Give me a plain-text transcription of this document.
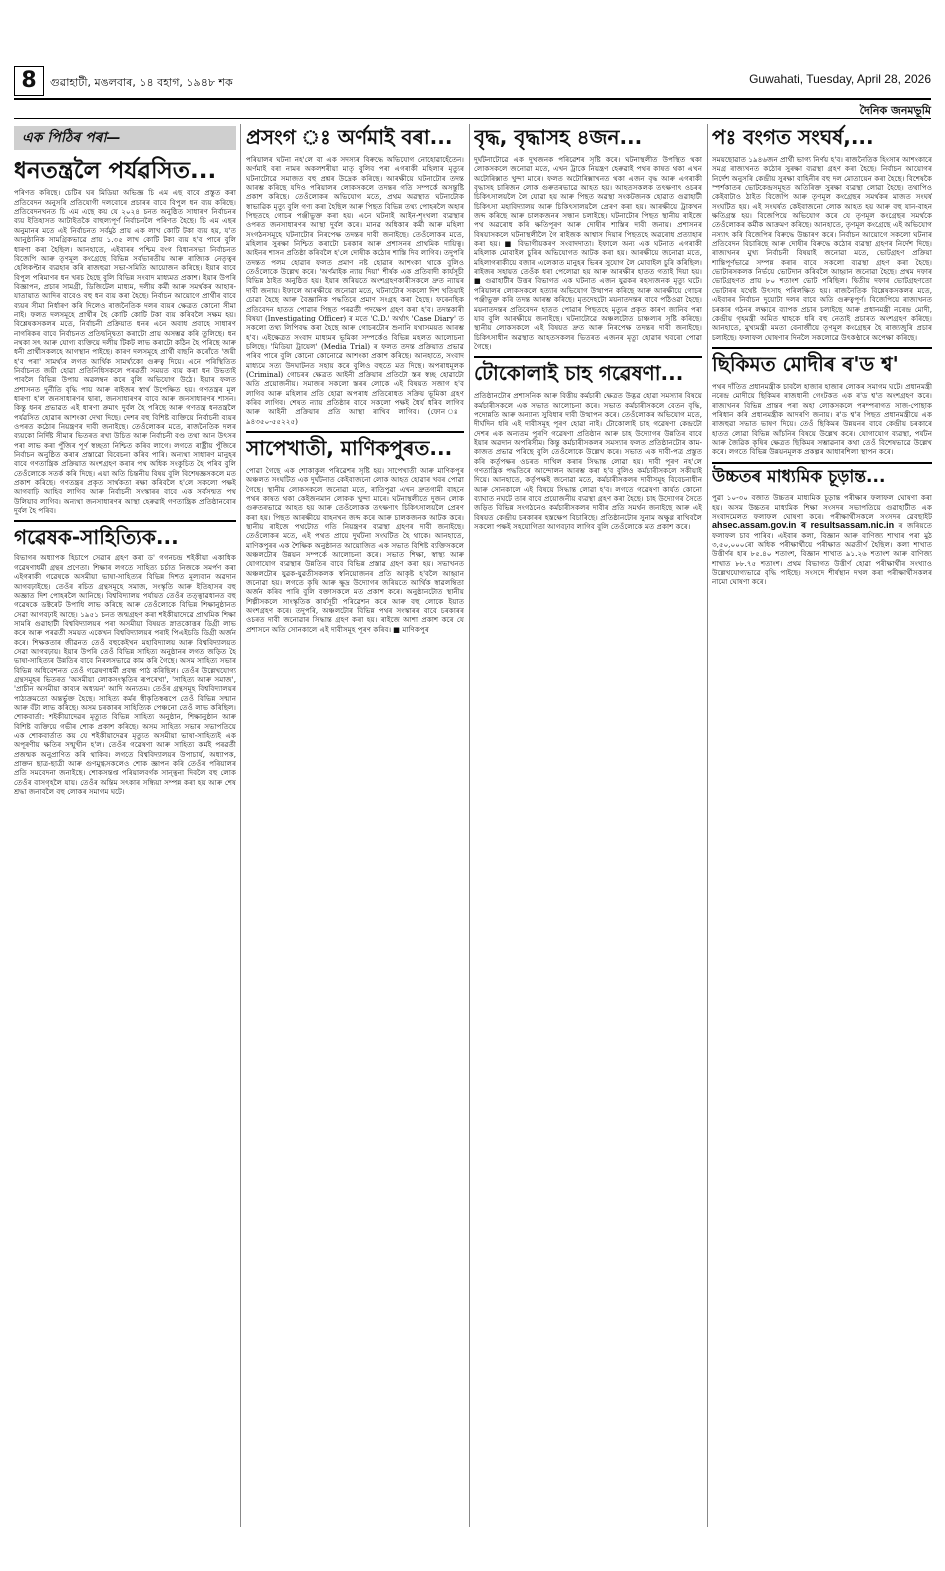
8	গুৱাহাটী, মঙলবাৰ, ১৪ বহাগ, ১৯৪৮ শক	Guwahati, Tuesday, April 28, 2026
দৈনিক জনমভূমি
এক পিঠিৰ পৰা—
ধনতন্ত্ৰলৈ পৰ্যৱসিত...

পৰিণত কৰিছে। চেটিৰ ঘৰ মিডিয়া অভিজ্ঞ চি এম এছ বাবে প্ৰস্তুত কৰা প্ৰতিবেদন অনুসৰি প্ৰতিযোগী দলবোৰে প্ৰচাৰৰ বাবে বিপুল ধন ব্যয় কৰিছে। প্ৰতিবেদনখনত চি এম এছে কয় যে ২০২৪ চনত অনুষ্ঠিত সাধাৰণ নিৰ্বাচনৰ ব্যয় ইতিহাসত আটাইতকৈ বাহুল্যপূৰ্ণ নিৰ্বাচনলৈ পৰিণত হৈছে। চি এম এছৰ অনুমানৰ মতে এই নিৰ্বাচনত সৰ্বমুঠ প্ৰায় এক লাখ কোটি টকা ব্যয় হয়, য'ত আনুষ্ঠানিক সামগ্ৰিকভাৱে প্ৰায় ১.৩৫ লাখ কোটি টকা ব্যয় হ'ব পাৰে বুলি ধাৰণা কৰা হৈছিল। আনহাতে, এইবাৰৰ পশ্চিম বংগ বিধানসভা নিৰ্বাচনত বিজেপি আৰু তৃণমূল কংগ্ৰেছে বিভিন্ন সৰ্বভাৰতীয় আৰু ৰাজ্যিক নেতৃত্বৰ হেলিকপ্টাৰ ব্যৱহাৰ কৰি ৰাজহুৱা সভা-সমিতি আয়োজন কৰিছে। ইয়াৰ বাবে বিপুল পৰিমাণৰ ধন খৰচ হৈছে বুলি বিভিন্ন সংবাদ মাধ্যমত প্ৰকাশ। ইয়াৰ উপৰি বিজ্ঞাপন, প্ৰচাৰ সামগ্ৰী, ডিজিটেল মাধ্যম, দলীয় কৰ্মী আৰু সমৰ্থকৰ আহাৰ-যাতায়াত আদিৰ বাবেও বহু ধন ব্যয় কৰা হৈছে। নিৰ্বাচন আয়োগে প্ৰাৰ্থীৰ বাবে ব্যয়ৰ সীমা নিৰ্ধাৰণ কৰি দিলেও ৰাজনৈতিক দলৰ ব্যয়ৰ ক্ষেত্ৰত কোনো সীমা নাই। ফলত দলসমূহে প্ৰাৰ্থীৰ হৈ কোটি কোটি টকা ব্যয় কৰিবলৈ সক্ষম হয়। বিশ্লেষকসকলৰ মতে, নিৰ্বাচনী প্ৰক্ৰিয়াত ধনৰ এনে অবাধ প্ৰবাহে সাধাৰণ নাগৰিকৰ বাবে নিৰ্বাচনত প্ৰতিদ্বন্দ্বিতা কৰাটো প্ৰায় অসম্ভৱ কৰি তুলিছে। ধন নথকা সৎ আৰু যোগ্য ব্যক্তিয়ে দলীয় টিকট লাভ কৰাটো কঠিন হৈ পৰিছে আৰু ধনী প্ৰাৰ্থীসকলহে আগস্থান পাইছে। কাৰণ দলসমূহে প্ৰাৰ্থী বাছনি কৰোঁতে 'জয়ী হ'ব পৰা' সামৰ্থ্যৰ লগত আৰ্থিক সামৰ্থ্যকো গুৰুত্ব দিয়ে। এনে পৰিস্থিতিত নিৰ্বাচনত জয়ী হোৱা প্ৰতিনিধিসকলে পৰৱৰ্তী সময়ত ব্যয় কৰা ধন উভতাই পাবলৈ বিভিন্ন উপায় অৱলম্বন কৰে বুলি অভিযোগ উঠে। ইয়াৰ ফলত প্ৰশাসনত দুৰ্নীতি বৃদ্ধি পায় আৰু ৰাইজৰ স্বাৰ্থ উপেক্ষিত হয়। গণতন্ত্ৰৰ মূল ধাৰণা হ'ল জনসাধাৰণৰ দ্বাৰা, জনসাধাৰণৰ বাবে আৰু জনসাধাৰণৰ শাসন। কিন্তু ধনৰ প্ৰভাৱত এই ধাৰণা ক্ৰমাৎ দুৰ্বল হৈ পৰিছে আৰু গণতন্ত্ৰ ধনতন্ত্ৰলৈ পৰ্যৱসিত হোৱাৰ আশংকা দেখা দিছে। দেশৰ বহু বিশিষ্ট ব্যক্তিয়ে নিৰ্বাচনী ব্যয়ৰ ওপৰত কঠোৰ নিয়ন্ত্ৰণৰ দাবী জনাইছে। তেওঁলোকৰ মতে, ৰাজনৈতিক দলৰ ব্যয়কো নিৰ্দিষ্ট সীমাৰ ভিতৰত ৰখা উচিত আৰু নিৰ্বাচনী বণ্ড তথা আন উৎসৰ পৰা লাভ কৰা পুঁজিৰ পূৰ্ণ স্বচ্ছতা নিশ্চিত কৰিব লাগে। লগতে ৰাষ্ট্ৰীয় পুঁজিৰে নিৰ্বাচন অনুষ্ঠিত কৰাৰ প্ৰস্তাৱো বিবেচনা কৰিব পাৰি। অন্যথা সাধাৰণ মানুহৰ বাবে গণতান্ত্ৰিক প্ৰক্ৰিয়াত অংশগ্ৰহণ কৰাৰ পথ অধিক সংকুচিত হৈ পৰিব বুলি তেওঁলোকে সতৰ্ক কৰি দিছে। এয়া অতি চিন্তনীয় বিষয় বুলি বিশেষজ্ঞসকলে মত প্ৰকাশ কৰিছে। গণতন্ত্ৰৰ প্ৰকৃত সাৰ্থকতা ৰক্ষা কৰিবলৈ হ'লে সকলো পক্ষই আগবাঢ়ি আহিব লাগিব আৰু নিৰ্বাচনী সংস্কাৰৰ বাবে এক সৰ্বসন্মত পথ উলিয়াব লাগিব। অন্যথা জনসাধাৰণৰ আস্থা হেৰুৱাই গণতান্ত্ৰিক প্ৰতিষ্ঠানবোৰ দুৰ্বল হৈ পৰিব।

গৱেষক-সাহিত্যিক...

বিভাগৰ অধ্যাপক হিচাপে সেৱাৰ গ্ৰহণ কৰা ড' গগনচন্দ্ৰ শইকীয়া একাধিক গৱেষণাধৰ্মী গ্ৰন্থৰ প্ৰণেতা। শিক্ষাৰ লগতে সাহিত্য চৰ্চাত নিজকে সমৰ্পণ কৰা এইগৰাকী গৱেষকে অসমীয়া ভাষা-সাহিত্যৰ বিভিন্ন দিশত মূল্যবান অৱদান আগবঢ়াইছে। তেওঁৰ ৰচিত গ্ৰন্থসমূহে সমাজ, সংস্কৃতি আৰু ইতিহাসৰ বহু অজ্ঞাত দিশ পোহৰলৈ আনিছে। বিশ্ববিদ্যালয় পৰ্যায়ত তেওঁৰ তত্ত্বাৱধানত বহু গৱেষকে ডক্টৰেট উপাধি লাভ কৰিছে আৰু তেওঁলোকে বিভিন্ন শিক্ষানুষ্ঠানত সেৱা আগবঢ়াই আছে। ১৯৫১ চনত জন্মগ্ৰহণ কৰা শইকীয়াদেৱে প্ৰাথমিক শিক্ষা সামৰি গুৱাহাটী বিশ্ববিদ্যালয়ৰ পৰা অসমীয়া বিষয়ত স্নাতকোত্তৰ ডিগ্ৰী লাভ কৰে আৰু পৰৱৰ্তী সময়ত একেখন বিশ্ববিদ্যালয়ৰ পৰাই পিএইচডি ডিগ্ৰী অৰ্জন কৰে। শিক্ষকতাৰ জীৱনত তেওঁ বহুকেইখন মহাবিদ্যালয় আৰু বিশ্ববিদ্যালয়ত সেৱা আগবঢ়ায়। ইয়াৰ উপৰি তেওঁ বিভিন্ন সাহিত্য অনুষ্ঠানৰ লগত জড়িত হৈ ভাষা-সাহিত্যৰ উন্নতিৰ বাবে নিৰলসভাৱে কাম কৰি গৈছে। অসম সাহিত্য সভাৰ বিভিন্ন অধিবেশনত তেওঁ গৱেষণাধৰ্মী প্ৰবন্ধ পাঠ কৰিছিল। তেওঁৰ উল্লেখযোগ্য গ্ৰন্থসমূহৰ ভিতৰত 'অসমীয়া লোকসংস্কৃতিৰ ৰূপৰেখা', 'সাহিত্য আৰু সমাজ', 'প্ৰাচীন অসমীয়া কাব্যৰ অধ্যয়ন' আদি অন্যতম। তেওঁৰ গ্ৰন্থসমূহ বিশ্ববিদ্যালয়ৰ পাঠ্যক্ৰমতো অন্তৰ্ভুক্ত হৈছে। সাহিত্য কৰ্মৰ স্বীকৃতিস্বৰূপে তেওঁ বিভিন্ন সন্মান আৰু বঁটা লাভ কৰিছে। অসম চৰকাৰৰ সাহিত্যিক পেঞ্চনো তেওঁ লাভ কৰিছিল। শোকবাৰ্তা: শইকীয়াদেৱৰ মৃত্যুত বিভিন্ন সাহিত্য অনুষ্ঠান, শিক্ষানুষ্ঠান আৰু বিশিষ্ট ব্যক্তিয়ে গভীৰ শোক প্ৰকাশ কৰিছে। অসম সাহিত্য সভাৰ সভাপতিয়ে এক শোকবাৰ্তাত কয় যে শইকীয়াদেৱৰ মৃত্যুত অসমীয়া ভাষা-সাহিত্যই এক অপূৰণীয় ক্ষতিৰ সন্মুখীন হ'ল। তেওঁৰ গৱেষণা আৰু সাহিত্য কৰ্মই পৰৱৰ্তী প্ৰজন্মক অনুপ্ৰাণিত কৰি থাকিব। লগতে বিশ্ববিদ্যালয়ৰ উপাচাৰ্য, অধ্যাপক, প্ৰাক্তন ছাত্ৰ-ছাত্ৰী আৰু গুণমুগ্ধসকলেও শোক জ্ঞাপন কৰি তেওঁৰ পৰিয়ালৰ প্ৰতি সমবেদনা জনাইছে। শোকসন্তপ্ত পৰিয়ালবৰ্গক সান্ত্বনা দিবলৈ বহু লোক তেওঁৰ বাসগৃহলৈ যায়। তেওঁৰ অন্তিম সৎকাৰ সন্ধিয়া সম্পন্ন কৰা হয় আৰু শেষ শ্ৰদ্ধা জনাবলৈ বহু লোকৰ সমাগম ঘটে।

প্ৰসংগ ঃ অৰ্ণমাই বৰা...

পৰিয়ালৰ ঘটনা নহ'লে বা এক সদস্যৰ বিৰুদ্ধে অভিযোগ নোহোৱাহেঁতেন। অৰ্ণমাই বৰা নামৰ অকলশৰীয়া মাতৃ বুলিব পৰা এগৰাকী মহিলাৰ মৃত্যুৰ ঘটনাটোৱে সমাজত বহু প্ৰশ্নৰ উদ্ৰেক কৰিছে। আৰক্ষীয়ে ঘটনাটোৰ তদন্ত আৰম্ভ কৰিছে যদিও পৰিয়ালৰ লোকসকলে তদন্তৰ গতি সম্পৰ্কে অসন্তুষ্টি প্ৰকাশ কৰিছে। তেওঁলোকৰ অভিযোগ মতে, প্ৰথম অৱস্থাত ঘটনাটোক স্বাভাৱিক মৃত্যু বুলি গণ্য কৰা হৈছিল আৰু পিছত বিভিন্ন তথ্য পোহৰলৈ অহাৰ পিছতহে গোচৰ পঞ্জীভুক্ত কৰা হয়। এনে ঘটনাই আইন-শৃংখলা ব্যৱস্থাৰ ওপৰত জনসাধাৰণৰ আস্থা দুৰ্বল কৰে। মানৱ অধিকাৰ কৰ্মী আৰু মহিলা সংগঠনসমূহে ঘটনাটোৰ নিৰপেক্ষ তদন্তৰ দাবী জনাইছে। তেওঁলোকৰ মতে, মহিলাৰ সুৰক্ষা নিশ্চিত কৰাটো চৰকাৰ আৰু প্ৰশাসনৰ প্ৰাথমিক দায়িত্ব। আইনৰ শাসন প্ৰতিষ্ঠা কৰিবলৈ হ'লে দোষীক কঠোৰ শাস্তি দিব লাগিব। তদুপৰি তদন্তত পলম হোৱাৰ ফলত প্ৰমাণ নষ্ট হোৱাৰ আশংকা থাকে বুলিও তেওঁলোকে উল্লেখ কৰে। 'অৰ্ণমাইক ন্যায় দিয়া' শীৰ্ষক এক প্ৰতিবাদী কাৰ্যসূচী বিভিন্ন ঠাইত অনুষ্ঠিত হয়। ইয়াৰ জৰিয়তে অংশগ্ৰহণকাৰীসকলে দ্ৰুত ন্যায়ৰ দাবী জনায়। ইফালে আৰক্ষীয়ে জনোৱা মতে, ঘটনাটোৰ সকলো দিশ খতিয়াই চোৱা হৈছে আৰু বৈজ্ঞানিক পদ্ধতিৰে প্ৰমাণ সংগ্ৰহ কৰা হৈছে। ফৰেনছিক প্ৰতিবেদন হাতত পোৱাৰ পিছত পৰৱৰ্তী পদক্ষেপ গ্ৰহণ কৰা হ'ব। তদন্তকাৰী বিষয়া (Investigating Officer) ৰ মতে 'C.D.' অৰ্থাৎ 'Case Diary' ত সকলো তথ্য লিপিবদ্ধ কৰা হৈছে আৰু গোচৰটোৰ শুনানি যথাসময়ত আৰম্ভ হ'ব। এইক্ষেত্ৰত সংবাদ মাধ্যমৰ ভূমিকা সম্পৰ্কেও বিভিন্ন মহলত আলোচনা চলিছে। 'মিডিয়া ট্ৰায়েল' (Media Trial) ৰ ফলত তদন্ত প্ৰক্ৰিয়াত প্ৰভাৱ পৰিব পাৰে বুলি কোনো কোনোৱে আশংকা প্ৰকাশ কৰিছে। আনহাতে, সংবাদ মাধ্যমে সত্য উদঘাটনত সহায় কৰে বুলিও বহুতে মত দিছে। অপৰাধমূলক (Criminal) গোচৰৰ ক্ষেত্ৰত আইনী প্ৰক্ৰিয়াৰ প্ৰতিটো স্তৰ স্বচ্ছ হোৱাটো অতি প্ৰয়োজনীয়। সমাজৰ সকলো স্তৰৰ লোকে এই বিষয়ত সজাগ হ'ব লাগিব আৰু মহিলাৰ প্ৰতি হোৱা অপৰাধ প্ৰতিৰোধত সক্ৰিয় ভূমিকা গ্ৰহণ কৰিব লাগিব। শেষত ন্যায় প্ৰতিষ্ঠাৰ বাবে সকলো পক্ষই ধৈৰ্য ধৰিব লাগিব আৰু আইনী প্ৰক্ৰিয়াৰ প্ৰতি আস্থা ৰাখিব লাগিব। (ফোন ঃ ৯৪৩৫০-৫৫২২৫)

সাপেখাতী, মাণিকপুৰত...

পোৱা গৈছে এক শোকাকুল পৰিৱেশৰ সৃষ্টি হয়। সাপেখাতী আৰু মাণিকপুৰ অঞ্চলত সংঘটিত এক দুৰ্ঘটনাত কেইবাজনো লোক আহত হোৱাৰ খবৰ পোৱা গৈছে। স্থানীয় লোকসকলে জনোৱা মতে, ৰাতিপুৱা এখন দ্ৰুতগামী বাহনে পথৰ কাষত থকা কেইজনমান লোকক খুন্দা মাৰে। ঘটনাস্থলীতে দুজন লোক গুৰুতৰভাৱে আহত হয় আৰু তেওঁলোকক তৎক্ষণাৎ চিকিৎসালয়লৈ প্ৰেৰণ কৰা হয়। পিছত আৰক্ষীয়ে বাহনখন জব্দ কৰে আৰু চালকজনক আটক কৰে। স্থানীয় ৰাইজে পথটোত গতি নিয়ন্ত্ৰণৰ ব্যৱস্থা গ্ৰহণৰ দাবী জনাইছে। তেওঁলোকৰ মতে, এই পথত প্ৰায়ে দুৰ্ঘটনা সংঘটিত হৈ থাকে। আনহাতে, মাণিকপুৰৰ এক শৈক্ষিক অনুষ্ঠানত আয়োজিত এক সভাত বিশিষ্ট ব্যক্তিসকলে অঞ্চলটোৰ উন্নয়ন সম্পৰ্কে আলোচনা কৰে। সভাত শিক্ষা, স্বাস্থ্য আৰু যোগাযোগ ব্যৱস্থাৰ উন্নতিৰ বাবে বিভিন্ন প্ৰস্তাৱ গ্ৰহণ কৰা হয়। সভাখনত অঞ্চলটোৰ যুৱক-যুৱতীসকলক স্বনিয়োজনৰ প্ৰতি আকৃষ্ট হ'বলৈ আহ্বান জনোৱা হয়। লগতে কৃষি আৰু ক্ষুদ্ৰ উদ্যোগৰ জৰিয়তে আৰ্থিক স্বাৱলম্বিতা অৰ্জন কৰিব পাৰি বুলি বক্তাসকলে মত প্ৰকাশ কৰে। অনুষ্ঠানটোত স্থানীয় শিল্পীসকলে সাংস্কৃতিক কাৰ্যসূচী পৰিৱেশন কৰে আৰু বহু লোকে ইয়াত অংশগ্ৰহণ কৰে। তদুপৰি, অঞ্চলটোৰ বিভিন্ন পথৰ সংস্কাৰৰ বাবে চৰকাৰৰ ওচৰত দাবী জনোৱাৰ সিদ্ধান্ত গ্ৰহণ কৰা হয়। ৰাইজে আশা প্ৰকাশ কৰে যে প্ৰশাসনে অতি সোনকালে এই দাবীসমূহ পূৰণ কৰিব। ■ মাণিকপুৰ

বৃদ্ধ, বৃদ্ধাসহ ৪জন...

দুৰ্ঘটনাটোৱে এক দুখজনক পৰিৱেশৰ সৃষ্টি কৰে। ঘটনাস্থলীত উপস্থিত থকা লোকসকলে জনোৱা মতে, এখন ট্ৰাকে নিয়ন্ত্ৰণ হেৰুৱাই পথৰ কাষত থকা এখন অটোৰিক্সাত খুন্দা মাৰে। ফলত অটোৰিক্সাখনত থকা এজন বৃদ্ধ আৰু এগৰাকী বৃদ্ধাসহ চাৰিজন লোক গুৰুতৰভাৱে আহত হয়। আহতসকলক তৎক্ষণাৎ ওচৰৰ চিকিৎসালয়লৈ লৈ যোৱা হয় আৰু পিছত অৱস্থা সংকটজনক হোৱাত গুৱাহাটী চিকিৎসা মহাবিদ্যালয় আৰু চিকিৎসালয়লৈ প্ৰেৰণ কৰা হয়। আৰক্ষীয়ে ট্ৰাকখন জব্দ কৰিছে আৰু চালকজনৰ সন্ধান চলাইছে। ঘটনাটোৰ পিছত স্থানীয় ৰাইজে পথ অৱৰোধ কৰি ক্ষতিপূৰণ আৰু দোষীৰ শাস্তিৰ দাবী জনায়। প্ৰশাসনৰ বিষয়াসকলে ঘটনাস্থলীলৈ গৈ ৰাইজক আশ্বাস দিয়াৰ পিছতহে অৱৰোধ প্ৰত্যাহাৰ কৰা হয়। ■ বিভাগীয়কৰণ সংবাদদাতা। ইফালে অন্য এক ঘটনাত এগৰাকী মহিলাক মোবাইল চুৰিৰ অভিযোগত আটক কৰা হয়। আৰক্ষীয়ে জনোৱা মতে, মহিলাগৰাকীয়ে বজাৰ এলেকাত মানুহৰ ভিৰৰ সুযোগ লৈ মোবাইল চুৰি কৰিছিল। ৰাইজৰ সহায়ত তেওঁক ধৰা পেলোৱা হয় আৰু আৰক্ষীৰ হাতত গতাই দিয়া হয়। ■ গুৱাহাটীৰ উত্তৰ বিভাগত এক ঘটনাত এজন যুৱকৰ ৰহস্যজনক মৃত্যু ঘটে। পৰিয়ালৰ লোকসকলে হত্যাৰ অভিযোগ উত্থাপন কৰিছে আৰু আৰক্ষীয়ে গোচৰ পঞ্জীভুক্ত কৰি তদন্ত আৰম্ভ কৰিছে। মৃতদেহটো ময়নাতদন্তৰ বাবে পঠিওৱা হৈছে। ময়নাতদন্তৰ প্ৰতিবেদন হাতত পোৱাৰ পিছতহে মৃত্যুৰ প্ৰকৃত কাৰণ জানিব পৰা যাব বুলি আৰক্ষীয়ে জনাইছে। ঘটনাটোৱে অঞ্চলটোত চাঞ্চল্যৰ সৃষ্টি কৰিছে। স্থানীয় লোকসকলে এই বিষয়ত দ্ৰুত আৰু নিৰপেক্ষ তদন্তৰ দাবী জনাইছে। চিকিৎসাধীন অৱস্থাত আহতসকলৰ ভিতৰত এজনৰ মৃত্যু হোৱাৰ খবৰো পোৱা গৈছে।

টোকোলাই চাহ গৱেষণা...

প্ৰতিষ্ঠানটোৰ প্ৰশাসনিক আৰু বিত্তীয় কৰ্মচাৰী ক্ষেত্ৰত উদ্ভৱ হোৱা সমস্যাৰ বিষয়ে কৰ্মচাৰীসকলে এক সভাত আলোচনা কৰে। সভাত কৰ্মচাৰীসকলে বেতন বৃদ্ধি, পদোন্নতি আৰু অন্যান্য সুবিধাৰ দাবী উত্থাপন কৰে। তেওঁলোকৰ অভিযোগ মতে, দীৰ্ঘদিন ধৰি এই দাবীসমূহ পূৰণ হোৱা নাই। টোকোলাই চাহ গৱেষণা কেন্দ্ৰটো দেশৰ এক অন্যতম পুৰণি গৱেষণা প্ৰতিষ্ঠান আৰু চাহ উদ্যোগৰ উন্নতিৰ বাবে ইয়াৰ অৱদান অপৰিসীম। কিন্তু কৰ্মচাৰীসকলৰ সমস্যাৰ ফলত প্ৰতিষ্ঠানটোৰ কাম-কাজত প্ৰভাৱ পৰিছে বুলি তেওঁলোকে উল্লেখ কৰে। সভাত এক দাবী-পত্ৰ প্ৰস্তুত কৰি কৰ্তৃপক্ষৰ ওচৰত দাখিল কৰাৰ সিদ্ধান্ত লোৱা হয়। দাবী পূৰণ নহ'লে গণতান্ত্ৰিক পদ্ধতিৰে আন্দোলন আৰম্ভ কৰা হ'ব বুলিও কৰ্মচাৰীসকলে সকীয়াই দিয়ে। আনহাতে, কৰ্তৃপক্ষই জনোৱা মতে, কৰ্মচাৰীসকলৰ দাবীসমূহ বিবেচনাধীন আৰু সোনকালে এই বিষয়ে সিদ্ধান্ত লোৱা হ'ব। লগতে গৱেষণা কাৰ্যত কোনো ব্যাঘাত নঘটে তাৰ বাবে প্ৰয়োজনীয় ব্যৱস্থা গ্ৰহণ কৰা হৈছে। চাহ উদ্যোগৰ সৈতে জড়িত বিভিন্ন সংগঠনেও কৰ্মচাৰীসকলৰ দাবীৰ প্ৰতি সমৰ্থন জনাইছে আৰু এই বিষয়ত কেন্দ্ৰীয় চৰকাৰৰ হস্তক্ষেপ বিচাৰিছে। প্ৰতিষ্ঠানটোৰ সুনাম অক্ষুণ্ণ ৰাখিবলৈ সকলো পক্ষই সহযোগিতা আগবঢ়াব লাগিব বুলি তেওঁলোকে মত প্ৰকাশ কৰে।

পঃ বংগত সংঘৰ্ষ,...

সময়ছোৱাত ১৯৪৬জন প্ৰাৰ্থী ভাগ্য নিৰ্ণয় হ'ব। ৰাজনৈতিক হিংসাৰ আশংকাৰে সমগ্ৰ ৰাজ্যখনত কঠোৰ সুৰক্ষা ব্যৱস্থা গ্ৰহণ কৰা হৈছে। নিৰ্বাচন আয়োগৰ নিৰ্দেশ অনুসৰি কেন্দ্ৰীয় সুৰক্ষা বাহিনীৰ বহু দল মোতায়েন কৰা হৈছে। বিশেষকৈ স্পৰ্শকাতৰ ভোটকেন্দ্ৰসমূহত অতিৰিক্ত সুৰক্ষা ব্যৱস্থা লোৱা হৈছে। তথাপিও কেইবাটাও ঠাইত বিজেপি আৰু তৃণমূল কংগ্ৰেছৰ সমৰ্থকৰ মাজত সংঘৰ্ষ সংঘটিত হয়। এই সংঘৰ্ষত কেইবাজনো লোক আহত হয় আৰু বহু যান-বাহন ক্ষতিগ্ৰস্ত হয়। বিজেপিয়ে অভিযোগ কৰে যে তৃণমূল কংগ্ৰেছৰ সমৰ্থকে তেওঁলোকৰ কৰ্মীক আক্ৰমণ কৰিছে। আনহাতে, তৃণমূল কংগ্ৰেছে এই অভিযোগ নস্যাৎ কৰি বিজেপিৰ বিৰুদ্ধে উচ্চাৰণ কৰে। নিৰ্বাচন আয়োগে সকলো ঘটনাৰ প্ৰতিবেদন বিচাৰিছে আৰু দোষীৰ বিৰুদ্ধে কঠোৰ ব্যৱস্থা গ্ৰহণৰ নিৰ্দেশ দিছে। ৰাজ্যখনৰ মুখ্য নিৰ্বাচনী বিষয়াই জনোৱা মতে, ভোটগ্ৰহণ প্ৰক্ৰিয়া শান্তিপূৰ্ণভাৱে সম্পন্ন কৰাৰ বাবে সকলো ব্যৱস্থা গ্ৰহণ কৰা হৈছে। ভোটাৰসকলক নিৰ্ভয়ে ভোটদান কৰিবলৈ আহ্বান জনোৱা হৈছে। প্ৰথম দফাৰ ভোটগ্ৰহণত প্ৰায় ৮০ শতাংশ ভোট পৰিছিল। দ্বিতীয় দফাৰ ভোটগ্ৰহণতো ভোটাৰৰ যথেষ্ট উৎসাহ পৰিলক্ষিত হয়। ৰাজনৈতিক বিশ্লেষকসকলৰ মতে, এইবাৰৰ নিৰ্বাচন দুয়োটা দলৰ বাবে অতি গুৰুত্বপূৰ্ণ। বিজেপিয়ে ৰাজ্যখনত চৰকাৰ গঠনৰ লক্ষ্যৰে ব্যাপক প্ৰচাৰ চলাইছে আৰু প্ৰধানমন্ত্ৰী নৰেন্দ্ৰ মোদী, কেন্দ্ৰীয় গৃহমন্ত্ৰী অমিত শ্বাহকে ধৰি বহু নেতাই প্ৰচাৰত অংশগ্ৰহণ কৰিছে। আনহাতে, মুখ্যমন্ত্ৰী মমতা বেনাৰ্জীয়ে তৃণমূল কংগ্ৰেছৰ হৈ ৰাজ্যজুৰি প্ৰচাৰ চলাইছে। ফলাফল ঘোষণাৰ দিনলৈ সকলোৱে উৎকণ্ঠাৰে অপেক্ষা কৰিছে।

ছিকিমত মোদীৰ ৰ'ড শ্ব'

পথৰ দাঁতিত প্ৰধানমন্ত্ৰীক চাবলৈ হাজাৰ হাজাৰ লোকৰ সমাগম ঘটে। প্ৰধানমন্ত্ৰী নৰেন্দ্ৰ মোদীয়ে ছিকিমৰ ৰাজধানী গেংটকত এক ৰ'ড শ্ব'ত অংশগ্ৰহণ কৰে। ৰাজ্যখনৰ বিভিন্ন প্ৰান্তৰ পৰা অহা লোকসকলে পৰম্পৰাগত সাজ-পোছাক পৰিধান কৰি প্ৰধানমন্ত্ৰীক আদৰণি জনায়। ৰ'ড শ্ব'ৰ পিছত প্ৰধানমন্ত্ৰীয়ে এক ৰাজহুৱা সভাত ভাষণ দিয়ে। তেওঁ ছিকিমৰ উন্নয়নৰ বাবে কেন্দ্ৰীয় চৰকাৰে হাতত লোৱা বিভিন্ন আঁচনিৰ বিষয়ে উল্লেখ কৰে। যোগাযোগ ব্যৱস্থা, পৰ্যটন আৰু জৈৱিক কৃষিৰ ক্ষেত্ৰত ছিকিমৰ সম্ভাৱনাৰ কথা তেওঁ বিশেষভাৱে উল্লেখ কৰে। লগতে বিভিন্ন উন্নয়নমূলক প্ৰকল্পৰ আধাৰশিলা স্থাপন কৰে।

উচ্চতৰ মাধ্যমিক চূড়ান্ত...

পুৱা ১০-৩০ বজাত উচ্চতৰ মাধ্যমিক চূড়ান্ত পৰীক্ষাৰ ফলাফল ঘোষণা কৰা হয়। অসম উচ্চতৰ মাধ্যমিক শিক্ষা সংসদৰ সভাপতিয়ে গুৱাহাটীত এক সংবাদমেলত ফলাফল ঘোষণা কৰে। পৰীক্ষাৰ্থীসকলে সংসদৰ ৱেবছাইট ahsec.assam.gov.in ৰ resultsassam.nic.in ৰ জৰিয়তে ফলাফল চাব পাৰিব। এইবাৰ কলা, বিজ্ঞান আৰু বাণিজ্য শাখাৰ পৰা মুঠ ৩,৫০,০০০ৰো অধিক পৰীক্ষাৰ্থীয়ে পৰীক্ষাত অৱতীৰ্ণ হৈছিল। কলা শাখাত উত্তীৰ্ণৰ হাৰ ৮৫.৪০ শতাংশ, বিজ্ঞান শাখাত ৯১.২৬ শতাংশ আৰু বাণিজ্য শাখাত ৮৮.৭৫ শতাংশ। প্ৰথম বিভাগত উত্তীৰ্ণ হোৱা পৰীক্ষাৰ্থীৰ সংখ্যাও উল্লেখযোগ্যভাৱে বৃদ্ধি পাইছে। সংসদে শীৰ্ষস্থান দখল কৰা পৰীক্ষাৰ্থীসকলৰ নামো ঘোষণা কৰে।
